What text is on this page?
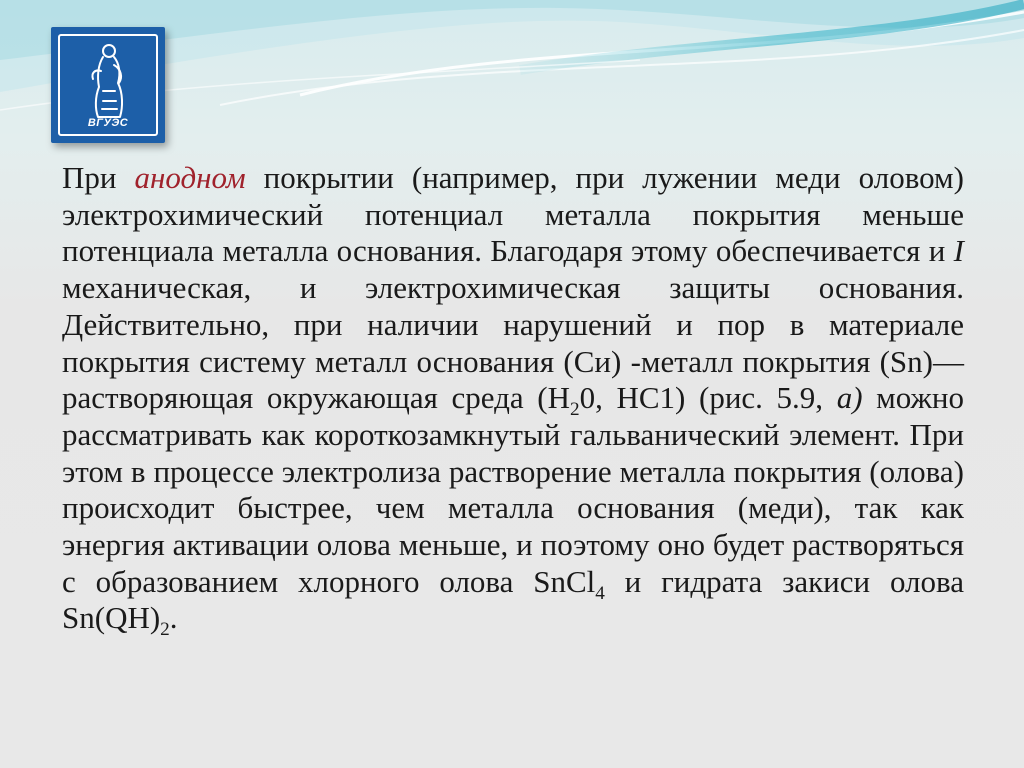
ВГУЭС

При анодном покрытии (например, при лужении меди оловом) электрохимический потенциал металла покрытия меньше потенциала металла основания. Благодаря этому обеспечивается и I механическая, и электрохимическая защиты основания. Действительно, при наличии нарушений и пор в материале покрытия систему металл основания (Си) -металл покрытия (Sn)—растворяющая окружающая среда ($Н_20$, НС1) (рис. 5.9, а) можно рассматривать как короткозамкнутый гальванический элемент. При этом в процессе электролиза растворение металла покрытия (олова) происходит быстрее, чем металла основания (меди), так как энергия активации олова меньше, и поэтому оно будет растворяться с образованием хлорного олова SnCl$_4$ и гидрата закиси олова $Sn(QH)_2$.
